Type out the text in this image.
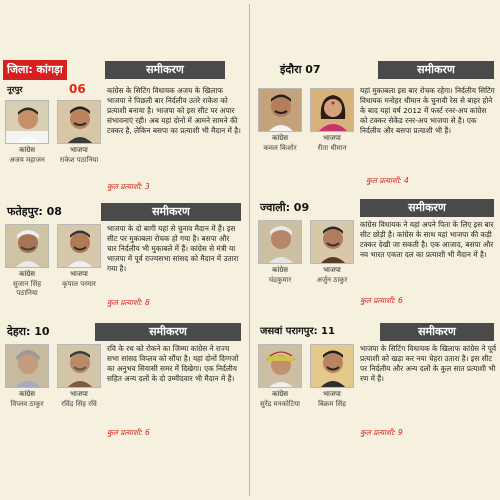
जिला: कांगड़ा	समीकरण
नूरपुर	06
कांग्रेस
अजय महाजन
भाजपा
राकेश पठानिया
कांग्रेस के सिटिंग विधायक अजय के खिलाफ भाजपा ने पिछली बार निर्दलीय उतरे राकेश को प्रत्याशी बनाया है। भाजपा को इस सीट पर अपार संभावनाएं रही। अब यहां दोनों में आमने सामने की टक्कर है, लेकिन बसपा का प्रत्याशी भी मैदान में है।
कुल प्रत्याशी: 3
फतेहपुर: 08	समीकरण
कांग्रेस
सुजान सिंह पठानिया
भाजपा
कृपाल परमार
भाजपा के दो बागी यहां से चुनाव मैदान में हैं। इस सीट पर मुकाबला रोचक हो गया है। बसपा और चार निर्दलीय भी मुकाबले में हैं। कांग्रेस से मंत्री या भाजपा में पूर्व राज्यसभा सांसद को मैदान में उतारा गया है।
कुल प्रत्याशी: 8
देहरा: 10	समीकरण
कांग्रेस
विप्लव ठाकुर
भाजपा
रविंद्र सिंह रवि
रवि के रथ को रोकने का जिम्मा कांग्रेस ने राज्य सभा सांसद विप्लव को सौंपा है। यहां दोनों दिग्गजों का अनुभव सियासी समर में दिखेगा। एक निर्दलीय सहित अन्य दलों के दो उम्मीदवार भी मैदान में हैं।
कुल प्रत्याशी: 6
इंदौरा 07	समीकरण
कांग्रेस
कमल किशोर
भाजपा
रीता धीमान
यहां मुकाबला इस बार रोचक रहेगा। निर्दलीय सिटिंग विधायक मनोहर धीमान के चुनावी रेस से बाहर होने के बाद यहां वर्ष 2012 में फर्स्ट रनर-अप कांग्रेस को टक्कर सेकेंड रनर-अप भाजपा से है। एक निर्दलीय और बसपा प्रत्याशी भी हैं।
कुल प्रत्याशी: 4
ज्वाली: 09	समीकरण
कांग्रेस
चंद्रकुमार
भाजपा
अर्जुन ठाकुर
कांग्रेस विधायक ने यहां अपने पिता के लिए इस बार सीट छोड़ी है। कांग्रेस के साथ यहां भाजपा की कड़ी टक्कर देखी जा सकती है। एक आजाद, बसपा और नव भारत एकता दल का प्रत्याशी भी मैदान में है।
कुल प्रत्याशी: 6
जसवां परागपुर: 11	समीकरण
कांग्रेस
सुरेंद्र मनकोटिया
भाजपा
बिक्रम सिंह
भाजपा के सिटिंग विधायक के खिलाफ कांग्रेस ने पूर्व प्रत्याशी को खड़ा कर नया चेहरा उतारा है। इस सीट पर निर्दलीय और अन्य दलों के कुल सात प्रत्याशी भी रण में हैं।
कुल प्रत्याशी: 9
